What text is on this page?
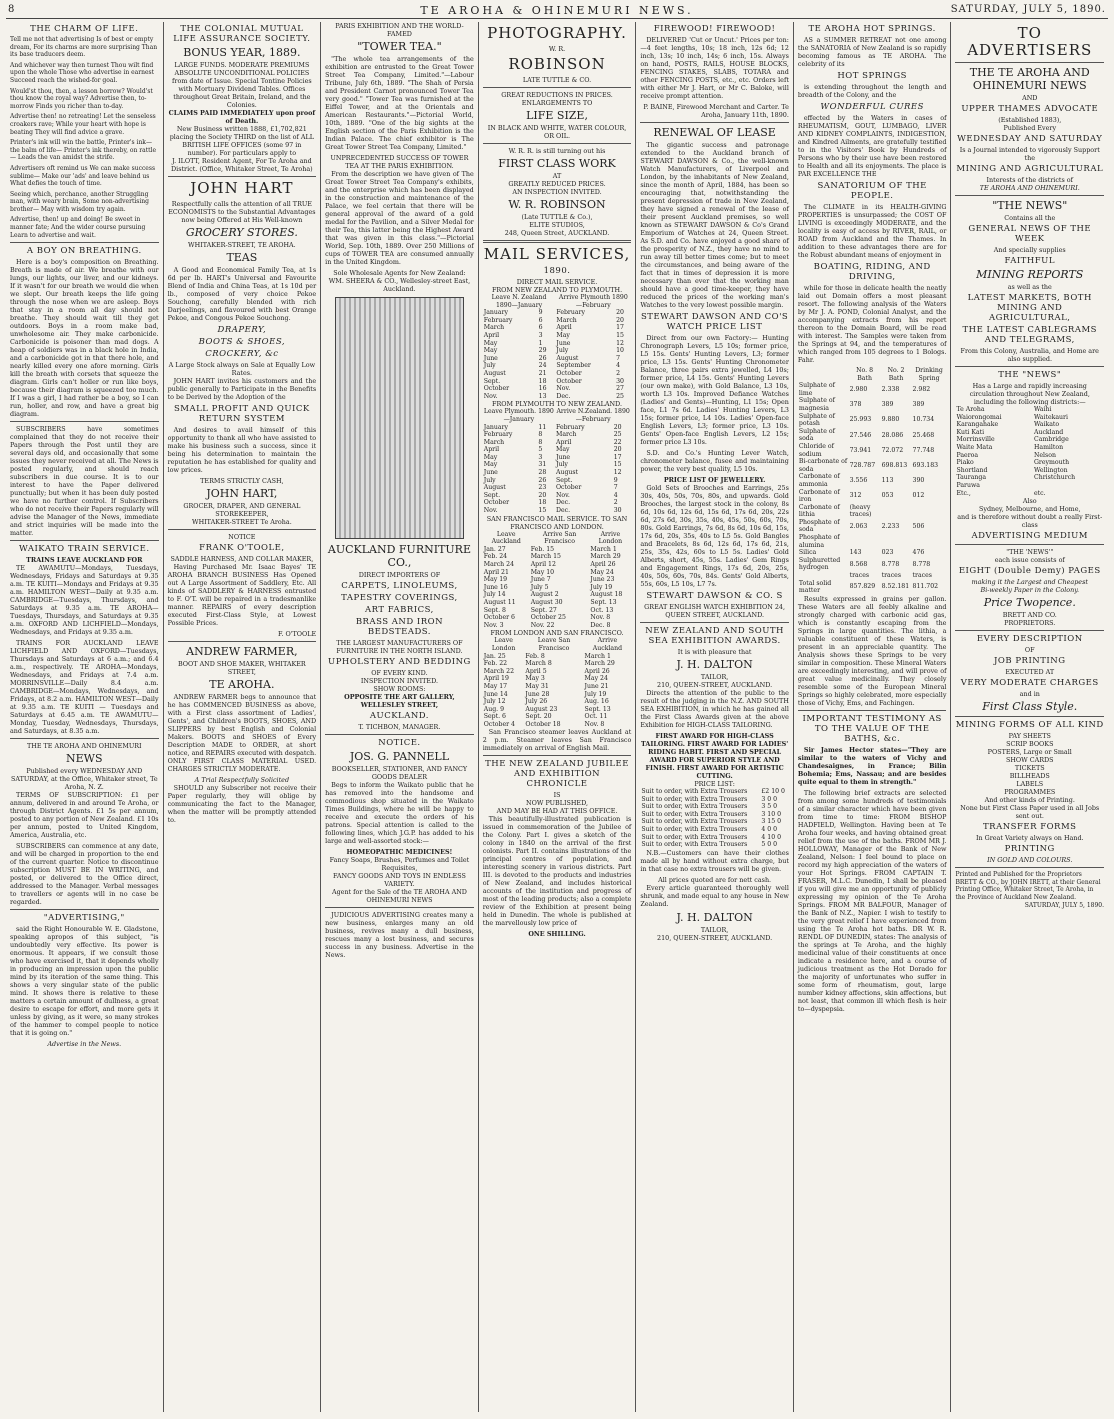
8	TE AROHA & OHINEMURI NEWS.	SATURDAY, JULY 5, 1890.
THE CHARM OF LIFE.

Tell me not that advertising Is of best or empty dream, For its charms are more surprising Than its base traducers deem.

And whichever way then turnest Thou wilt find upon the whole Those who advertise in earnest Succeed reach the wished-for goal.

Would'st thou, then, a lesson borrow? Would'st thou know the royal way? Advertise then, to-morrow Finds you richer than to-day.

Advertise then! no retreating! Let the senseless croakers rave; While your heart with hope is beating They will find advice a grave.

Printer's ink will win the battle, Printer's ink—the balm of life— Printer's ink thereby, on rattle— Leads the van amidst the strife.

Advertisers oft remind us We can make success sublime— Make our 'ads' and leave behind us What defies the touch of time.

Seeing which, perchance, another Struggling man, with weary brain, Some non-advertising brother— May with wisdom try again.

Advertise, then! up and doing! Be sweet in manner fate; And the wider course pursuing Learn to advertise and wait.

A BOY ON BREATHING.

Here is a boy's composition on Breathing. Breath is made of air. We breathe with our lungs, our lights, our liver, and our kidneys. If it wasn't for our breath we would die when we slept. Our breath keeps the life going through the nose when we are asleep. Boys that stay in a room all day should not breathe. They should wait till they get outdoors. Boys in a room make bad, unwholesome air. They make carbonicide. Carbonicide is poisoner than mad dogs. A heap of soldiers was in a black hole in India, and a carbonicide got in that there hole, and nearly killed every one afore morning. Girls kill the breath with corsets that squeeze the diagram. Girls can't holler or run like boys, because their diagram is squeezed too much. If I was a girl, I had rather be a boy, so I can run, holler, and row, and have a great big diagram.

SUBSCRIBERS have sometimes complained that they do not receive their Papers through the Post until they are several days old, and occasionally that some issues they never received at all. The News is posted regularly, and should reach subscribers in due course. It is to our interest to have the Paper delivered punctually; but when it has been duly posted we have no further control. If Subscribers who do not receive their Papers regularly will advise the Manager of the News, immediate and strict inquiries will be made into the matter.

WAIKATO TRAIN SERVICE.
TRAINS LEAVE AUCKLAND FOR

TE AWAMUTU—Mondays, Tuesdays, Wednesdays, Fridays and Saturdays at 9.35 a.m. TE KUITI—Mondays and Fridays at 9.35 a.m. HAMILTON WEST—Daily at 9.35 a.m. CAMBRIDGE—Tuesdays, Thursdays, and Saturdays at 9.35 a.m. TE AROHA—Tuesdays, Thursdays, and Saturdays at 9.35 a.m. OXFORD AND LICHFIELD—Mondays, Wednesdays, and Fridays at 9.35 a.m.

TRAINS FOR AUCKLAND LEAVE LICHFIELD AND OXFORD—Tuesdays, Thursdays and Saturdays at 6 a.m.; and 6.4 a.m., respectively. TE AROHA—Mondays, Wednesdays, and Fridays at 7.4 a.m. MORRINSVILLE—Daily 8.4 a.m. CAMBRIDGE—Mondays, Wednesdays, and Fridays, at 8.2 a.m. HAMILTON WEST—Daily at 9.35 a.m. TE KUITI — Tuesdays and Saturdays at 6.45 a.m. TE AWAMUTU—Monday, Tuesday, Wednesdays, Thursdays, and Saturdays, at 8.35 a.m.

THE TE AROHA AND OHINEMURI
NEWS
Published every WEDNESDAY AND SATURDAY, at the Office, Whitaker street, Te Aroha, N. Z.

TERMS OF SUBSCRIPTION: £1 per annum, delivered in and around Te Aroha, or through District Agents. £1 5s per annum, posted to any portion of New Zealand. £1 10s per annum, posted to United Kingdom, America, Australia, etc.

SUBSCRIBERS can commence at any date, and will be charged in proportion to the end of the current quarter. Notice to discontinue subscription MUST BE IN WRITING, and posted, or delivered to the Office direct, addressed to the Manager. Verbal messages to travellers or agents will in no case be regarded.

"ADVERTISING,"

said the Right Honourable W. E. Gladstone, speaking apropos of this subject, "is undoubtedly very effective. Its power is enormous. It appears, if we consult those who have exercised it, that it depends wholly in producing an impression upon the public mind by its iteration of the same thing. This shows a very singular state of the public mind. It shows there is relative to these matters a certain amount of dullness, a great desire to escape for effort, and more gets it unless by giving, as it were, so many strokes of the hammer to compel people to notice that it is going on."

Advertise in the News.
THE COLONIAL MUTUAL LIFE ASSURANCE SOCIETY.
BONUS YEAR, 1889.
LARGE FUNDS. MODERATE PREMIUMS ABSOLUTE UNCONDITIONAL POLICIES from date of Issue. Special Tontine Policies with Mortuary Dividend Tables. Offices throughout Great Britain, Ireland, and the Colonies.
CLAIMS PAID IMMEDIATELY upon proof of Death.
New Business written 1888, £1,702,821 placing the Society THIRD on the list of ALL BRITISH LIFE OFFICES (some 97 in number). For particulars apply to
J. ILOTT, Resident Agent, For Te Aroha and District. (Office, Whitaker Street, Te Aroha)
JOHN HART
Respectfully calls the attention of all TRUE ECONOMISTS to the Substantial Advantages now being Offered at His Well-known
GROCERY STORES.
WHITAKER-STREET, TE AROHA.
TEAS

A Good and Economical Family Tea, at 1s 6d per lb. HART's Universal and Favourite Blend of India and China Teas, at 1s 10d per lb., composed of very choice Pekoe Souchong, carefully blended with rich Darjeelings, and flavoured with best Orange Pekoe, and Congous Pekoe Souchong.

DRAPERY,
BOOTS & SHOES,
CROCKERY, &c
A Large Stock always on Sale at Equally Low Rates.

JOHN HART invites his customers and the public generally to Participate in the Benefits to be Derived by the Adoption of the

SMALL PROFIT AND QUICK RETURN SYSTEM

And desires to avail himself of this opportunity to thank all who have assisted to make his business such a success, since it being his determination to maintain the reputation he has established for quality and low prices.

TERMS STRICTLY CASH,
JOHN HART,
GROCER, DRAPER, AND GENERAL STOREKEEPER,
WHITAKER-STREET Te Aroha.
NOTICE
FRANK O'TOOLE,
SADDLE HARNESS, AND COLLAR MAKER,

Having Purchased Mr. Isaac Bayes' TE AROHA BRANCH BUSINESS Has Opened out A Large Assortment of Saddlery, Etc. All kinds of SADDLERY & HARNESS entrusted to F. O'T. will be repaired in a tradesmanlike manner. REPAIRS of every description executed First-Class Style, at Lowest Possible Prices.

F. O'TOOLE
ANDREW FARMER,
BOOT AND SHOE MAKER, WHITAKER STREET,
TE AROHA.

ANDREW FARMER begs to announce that he has COMMENCED BUSINESS as above, with a First class assortment of Ladies', Gents', and Children's BOOTS, SHOES, AND SLIPPERS by best English and Colonial Makers. BOOTS and SHOES of Every Description MADE to ORDER, at short notice, and REPAIRS executed with despatch. ONLY FIRST CLASS MATERIAL USED. CHARGES STRICTLY MODERATE.

A Trial Respectfully Solicited

SHOULD any Subscriber not receive their Paper regularly, they will oblige by communicating the fact to the Manager, when the matter will be promptly attended to.

PARIS EXHIBITION AND THE WORLD-FAMED
"TOWER TEA."

"The whole tea arrangements of the exhibition are entrusted to the Great Tower Street Tea Company, Limited."—Labour Tribune, July 6th, 1889. "The Shah of Persia and President Carnot pronounced Tower Tea very good." "Tower Tea was furnished at the Eiffel Tower, and at the Orientals and American Restaurants."—Pictorial World, 10th, 1889. "One of the big sights at the English section of the Paris Exhibition is the Indian Palace. The chief exhibitor is The Great Tower Street Tea Company, Limited."

UNPRECEDENTED SUCCESS OF TOWER TEA AT THE PARIS EXHIBITION.

From the description we have given of The Great Tower Street Tea Company's exhibits, and the enterprise which has been displayed in the construction and maintenance of the Palace, we feel certain that there will be general approval of the award of a gold medal for the Pavilion, and a Silver Medal for their Tea, this latter being the Highest Award that was given in this class."—Pictorial World, Sep. 10th, 1889. Over 250 Millions of cups of TOWER TEA are consumed annually in the United Kingdom.

Sole Wholesale Agents for New Zealand: WM. SHEERA & CO., Wellesley-street East, Auckland.
AUCKLAND FURNITURE CO.,
DIRECT IMPORTERS OF
CARPETS, LINOLEUMS,
TAPESTRY COVERINGS,
ART FABRICS,
BRASS AND IRON BEDSTEADS.
THE LARGEST MANUFACTURERS OF FURNITURE IN THE NORTH ISLAND.
UPHOLSTERY AND BEDDING
OF EVERY KIND.
INSPECTION INVITED.
SHOW ROOMS:
OPPOSITE THE ART GALLERY,
WELLESLEY STREET,
AUCKLAND.
T. TICHBON, MANAGER.
NOTICE.
JOS. G. PANNELL
BOOKSELLER, STATIONER, AND FANCY GOODS DEALER

Begs to inform the Waikato public that he has removed into the handsome and commodious shop situated in the Waikato Times Buildings, where he will be happy to receive and execute the orders of his patrons. Special attention is called to the following lines, which J.G.P. has added to his large and well-assorted stock:—

HOMEOPATHIC MEDICINES!
Fancy Soaps, Brushes, Perfumes and Toilet Requisites,
FANCY GOODS AND TOYS IN ENDLESS VARIETY.
Agent for the Sale of the TE AROHA AND OHINEMURI NEWS

JUDICIOUS ADVERTISING creates many a new business, enlarges many an old business, revives many a dull business, rescues many a lost business, and secures success in any business. Advertise in the News.

PHOTOGRAPHY.
W. R.
ROBINSON
LATE TUTTLE & CO.
GREAT REDUCTIONS IN PRICES.
ENLARGEMENTS TO
LIFE SIZE,
IN BLACK AND WHITE, WATER COLOUR, OR OIL.
W. R. R. is still turning out his
FIRST CLASS WORK
AT
GREATLY REDUCED PRICES.
AN INSPECTION INVITED.
W. R. ROBINSON
(Late TUTTLE & Co.),
ELITE STUDIOS,
248, Queen Street, AUCKLAND.
MAIL SERVICES,
1890.
DIRECT MAIL SERVICE.
FROM NEW ZEALAND TO PLYMOUTH.
Leave N. Zealand 1890—January		Arrive Plymouth 1890—February	
January	9	February	20
February	6	March	20
March	6	April	17
April	3	May	15
May	1	June	12
May	29	July	10
June	26	August	7
July	24	September	4
August	21	October	2
Sept.	18	October	30
October	16	Nov.	27
Nov.	13	Dec.	25
FROM PLYMOUTH TO NEW ZEALAND.
Leave Plymouth. 1890—January		Arrive N.Zealand. 1890—February	
January	11	February	20
February	8	March	25
March	8	April	22
April	5	May	20
May	3	June	17
May	31	July	15
June	28	August	12
July	26	Sept.	9
August	23	October	7
Sept.	20	Nov.	4
October	18	Dec.	2
Nov.	15	Dec.	30
SAN FRANCISCO MAIL SERVICE. TO SAN FRANCISCO AND LONDON.
Leave Auckland	Arrive San Francisco	Arrive London
Jan. 27	Feb. 15	March 1
Feb. 24	March 15	March 29
March 24	April 12	April 26
April 21	May 10	May 24
May 19	June 7	June 23
June 16	July 5	July 19
July 14	August 2	August 18
August 11	August 30	Sept. 13
Sept. 8	Sept. 27	Oct. 13
October 6	October 25	Nov. 8
Nov. 3	Nov. 22	Dec. 8
FROM LONDON AND SAN FRANCISCO.
Leave London	Leave San Francisco	Arrive Auckland
Jan. 25	Feb. 8	March 1
Feb. 22	March 8	March 29
March 22	April 5	April 26
April 19	May 3	May 24
May 17	May 31	June 21
June 14	June 28	July 19
July 12	July 26	Aug. 16
Aug. 9	August 23	Sept. 13
Sept. 6	Sept. 20	Oct. 11
October 4	October 18	Nov. 8

San Francisco steamer leaves Auckland at 2 p.m. Steamer leaves San Francisco immediately on arrival of English Mail.

THE NEW ZEALAND JUBILEE AND EXHIBITION CHRONICLE
IS
NOW PUBLISHED,
AND MAY BE HAD AT THIS OFFICE.

This beautifully-illustrated publication is issued in commemoration of the Jubilee of the Colony. Part I. gives a sketch of the colony in 1840 on the arrival of the first colonists. Part II. contains illustrations of the principal centres of population, and interesting scenery in various districts. Part III. is devoted to the products and industries of New Zealand, and includes historical accounts of the institution and progress of most of the leading products; also a complete review of the Exhibition at present being held in Dunedin. The whole is published at the marvellously low price of

ONE SHILLING.
FIREWOOD! FIREWOOD!

DELIVERED 'Cut or Uncut.' Prices per ton:—4 feet lengths, 10s; 18 inch, 12s 6d; 12 inch, 13s; 10 inch, 14s; 6 inch, 15s. Always on hand, POSTS, RAILS, HOUSE BLOCKS, FENCING STAKES, SLABS, TOTARA and other FENCING POSTS, etc., etc. Orders left with either Mr J. Hart, or Mr C. Baloke, will receive prompt attention.

P. BAINE, Firewood Merchant and Carter. Te Aroha, January 11th, 1890.
RENEWAL OF LEASE

The gigantic success and patronage extended to the Auckland branch of STEWART DAWSON & Co., the well-known Watch Manufacturers, of Liverpool and London, by the inhabitants of New Zealand, since the month of April, 1884, has been so encouraging that, notwithstanding the present depression of trade in New Zealand, they have signed a renewal of the lease of their present Auckland premises, so well known as STEWART DAWSON & Co's Grand Emporium of Watches at 24, Queen Street. As S.D. and Co. have enjoyed a good share of the prosperity of N.Z., they have no mind to run away till better times come; but to meet the circumstances, and being aware of the fact that in times of depression it is more necessary than ever that the working man should have a good time-keeper, they have reduced the prices of the working man's Watches to the very lowest possible margin.

STEWART DAWSON AND CO'S WATCH PRICE LIST

Direct from our own Factory:— Hunting Chronograph Levers, L5 10s; former price, L5 15s. Gents' Hunting Levers, L3; former price, L3 15s. Gents' Hunting Chronometer Balance, three pairs extra jewelled, L4 10s; former price, L4 15s. Gents' Hunting Levers (our own make), with Gold Balance, L3 10s, worth L3 10s. Improved Defiance Watches (Ladies' and Gents)—Hunting, L1 15s; Open face, L1 7s 6d. Ladies' Hunting Levers, L3 15s; former price, L4 10s. Ladies' Open-face English Levers, L3; former price, L3 10s. Gents' Open-face English Levers, L2 15s; former price L3 10s.

S.D. and Co.'s Hunting Lever Watch, chronometer balance, fusee and maintaining power, the very best quality, L5 10s.

PRICE LIST OF JEWELLERY.

Gold Sets of Brooches and Earrings, 25s 30s, 40s, 50s, 70s, 80s, and upwards. Gold Brooches, the largest stock in the colony, 8s 6d, 10s 6d, 12s 6d, 15s 6d, 17s 6d, 20s, 22s 6d, 27s 6d, 30s, 35s, 40s, 45s, 50s, 60s, 70s, 80s. Gold Earrings, 7s 6d, 8s 6d, 10s 6d, 15s, 17s 6d, 20s, 35s, 40s to L5 5s. Gold Bangles and Bracelets, 8s 6d, 12s 6d, 17s 6d, 21s, 25s, 35s, 42s, 60s to L5 5s. Ladies' Gold Alberts, short, 45s, 55s. Ladies' Gem Rings and Engagement Rings, 17s 6d, 20s, 25s, 40s, 50s, 60s, 70s, 84s. Gents' Gold Alberts, 55s, 60s, L5 10s, L7 7s.

STEWART DAWSON & CO. S
GREAT ENGLISH WATCH EXHIBITION 24, QUEEN STREET, AUCKLAND.
NEW ZEALAND AND SOUTH SEA EXHIBITION AWARDS.
It is with pleasure that
J. H. DALTON
TAILOR,
210, QUEEN-STREET, AUCKLAND.

Directs the attention of the public to the result of the judging in the N.Z. AND SOUTH SEA EXHIBITION, in which he has gained all the First Class Awards given at the above Exhibition for HIGH-CLASS TAILORING.

FIRST AWARD FOR HIGH-CLASS TAILORING. FIRST AWARD FOR LADIES' RIDING HABIT. FIRST AND SPECIAL AWARD FOR SUPERIOR STYLE AND FINISH. FIRST AWARD FOR ARTISTIC CUTTING.
PRICE LIST:
Suit to order, with Extra Trousers	£2 10 0
Suit to order, with Extra Trousers	3 0 0
Suit to order, with Extra Trousers	3 5 0
Suit to order, with Extra Trousers	3 10 0
Suit to order, with Extra Trousers	3 15 0
Suit to order, with Extra Trousers	4 0 0
Suit to order, with Extra Trousers	4 10 0
Suit to order, with Extra Trousers	5 0 0

N.B.—Customers can have their clothes made all by hand without extra charge, but in that case no extra trousers will be given.

All prices quoted are for nett cash.

Every article guaranteed thoroughly well shrunk, and made equal to any house in New Zealand.

J. H. DALTON
TAILOR,
210, QUEEN-STREET, AUCKLAND.
TE AROHA HOT SPRINGS.

AS a SUMMER RETREAT not one among the SANATORIA of New Zealand is so rapidly becoming famous as TE AROHA. The celebrity of its

HOT SPRINGS

is extending throughout the length and breadth of the Colony, and the

WONDERFUL CURES

effected by the Waters in cases of RHEUMATISM, GOUT, LUMBAGO, LIVER AND KIDNEY COMPLAINTS, INDIGESTION, and Kindred Ailments, are gratefully testified to in the Visitors' Book by Hundreds of Persons who by their use have been restored to Health and all its enjoyments. The place is PAR EXCELLENCE THE

SANATORIUM OF THE PEOPLE.

The CLIMATE in its HEALTH-GIVING PROPERTIES is unsurpassed; the COST OF LIVING is exceedingly MODERATE, and the locality is easy of access by RIVER, RAIL, or ROAD from Auckland and the Thames. In addition to these advantages there are for the Robust abundant means of enjoyment in

BOATING, RIDING, AND DRIVING,

while for those in delicate health the neatly laid out Domain offers a most pleasant resort. The following analysis of the Waters by Mr J. A. POND, Colonial Analyst, and the accompanying extracts from his report thereon to the Domain Board, will be read with interest. The Samples were taken from the Springs at 94, and the temperatures of which ranged from 105 degrees to 1 Bologs. Fahr.

	No. 8 Bath	No. 2 Bath	Drinking Spring
Sulphate of lime	2.980	2.338	2.982
Sulphate of magnesia	378	389	389
Sulphate of potash	25.993	9.880	10.734
Sulphate of soda	27.546	28.086	25.468
Chloride of sodium	73.941	72.072	77.748
Bi-carbonate of soda	728.787	698.813	693.183
Carbonate of ammonia	3.556	113	390
Carbonate of iron	312	053	012
Carbonate of lithia	(heavy traces)		
Phosphate of soda	2.063	2.233	506
Phosphate of alumina			
Silica	143	023	476
Sulphuretted hydrogen	8.568	8.778	8.778
	traces	traces	traces
Total solid matter	857.829	8.52.181	811.702

Results expressed in grains per gallon. These Waters are all feebly alkaline and strongly charged with carbonic acid gas, which is constantly escaping from the Springs in large quantities. The lithia, a valuable constituent of these Waters, is present in an appreciable quantity. The Analysis shows these Springs to be very similar in composition. These Mineral Waters are exceedingly interesting, and will prove of great value medicinally. They closely resemble some of the European Mineral Springs so highly celebrated, more especially those of Vichy, Ems, and Fachingen.

IMPORTANT TESTIMONY AS TO THE VALUE OF THE BATHS, &c.

Sir James Hector states—"They are similar to the waters of Vichy and Chandesaignes, in France; Bilin Bohemia; Ems, Nassau; and are besides quite equal to them in strength."

The following brief extracts are selected from among some hundreds of testimonials of a similar character which have been given from time to time: FROM BISHOP HADFIELD, Wellington. Having been at Te Aroha four weeks, and having obtained great relief from the use of the baths. FROM MR J. HOLLOWAY, Manager of the Bank of New Zealand, Nelson: I feel bound to place on record my high appreciation of the waters of your Hot Springs. FROM CAPTAIN T. FRASER, M.L.C. Dunedin, I shall be pleased if you will give me an opportunity of publicly expressing my opinion of the Te Aroha Springs. FROM MR BALFOUR, Manager of the Bank of N.Z., Napier. I wish to testify to the very great relief I have experienced from using the Te Aroha hot baths. DR W. R. RENDL OF DUNEDIN, states: The analysis of the springs at Te Aroha, and the highly medicinal value of their constituents at once indicate a residence here, and a course of judicious treatment as the Hot Dorado for the majority of unfortunates who suffer in some form of rheumatism, gout, large number kidney affections, skin affections, but not least, that common ill which flesh is heir to—dyspepsia.

TO ADVERTISERS
THE TE AROHA AND OHINEMURI NEWS
AND
UPPER THAMES ADVOCATE
(Established 1883),
Published Every
WEDNESDAY AND SATURDAY
Is a Journal intended to vigorously Support the
MINING AND AGRICULTURAL
Interests of the districts of
TE AROHA AND OHINEMURI.
"THE NEWS"
Contains all the
GENERAL NEWS OF THE WEEK
And specially supplies
FAITHFUL
MINING REPORTS
as well as the
LATEST MARKETS, BOTH MINING AND AGRICULTURAL,
THE LATEST CABLEGRAMS AND TELEGRAMS,
From this Colony, Australia, and Home are also supplied.
THE "NEWS"
Has a Large and rapidly increasing circulation throughout New Zealand, including the following districts:—
Te Aroha	Waihi
Waiorongomai	Waitekauri
Karangahake	Waikato
Kuti Kati	Auckland
Morrinsville	Cambridge
Waite Mata	Hamilton
Paeroa	Nelson
Piako	Greymouth
Shortland	Wellington
Tauranga	Christchurch
Paruwa	
Etc.,	etc.
Also
Sydney, Melbourne, and Home,
and is therefore without doubt a really First-class
ADVERTISING MEDIUM
"THE 'NEWS'"
each issue consists of
EIGHT (Double Demy) PAGES
making it the Largest and Cheapest
Bi-weekly Paper in the Colony.
Price Twopence.
BRETT AND CO.
PROPRIETORS.
EVERY DESCRIPTION
OF
JOB PRINTING
EXECUTED AT
VERY MODERATE CHARGES
and in
First Class Style.
MINING FORMS OF ALL KIND
PAY SHEETS
SCRIP BOOKS
POSTERS, Large or Small
SHOW CARDS
TICKETS
BILLHEADS
LABELS
PROGRAMMES
And other kinds of Printing.
None but First Class Paper used in all Jobs sent out.
TRANSFER FORMS
In Great Variety always on Hand.
PRINTING
IN GOLD AND COLOURS.
Printed and Published for the Proprietors BRETT & CO., by JOHN IRETT, at their General Printing Office, Whitaker Street, Te Aroha, in the Province of Auckland New Zealand.
SATURDAY, JULY 5, 1890.
